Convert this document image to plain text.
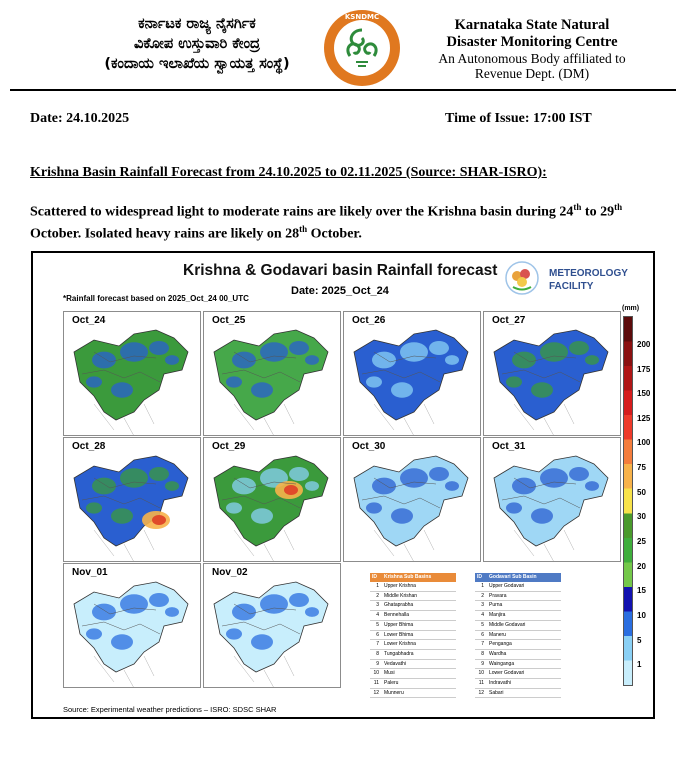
ಕರ್ನಾಟಕ ರಾಜ್ಯ ನೈಸರ್ಗಿಕ
ವಿಕೋಪ ಉಸ್ತುವಾರಿ ಕೇಂದ್ರ
(ಕಂದಾಯ ಇಲಾಖೆಯ ಸ್ವಾಯತ್ತ ಸಂಸ್ಥೆ)
KSNDMC	Karnataka State Natural
Disaster Monitoring Centre
An Autonomous Body affiliated to
Revenue Dept. (DM)
Date: 24.10.2025	Time of Issue: 17:00 IST
Krishna Basin Rainfall Forecast from 24.10.2025 to 02.11.2025 (Source: SHAR-ISRO):
Scattered to widespread light to moderate rains are likely over the Krishna basin during 24th to 29th October. Isolated heavy rains are likely on 28th October.
Krishna & Godavari basin Rainfall forecast
Date: 2025_Oct_24
*Rainfall forecast based on 2025_Oct_24 00_UTC
METEOROLOGY
FACILITY
Oct_24	Oct_25	Oct_26	Oct_27
Oct_28	Oct_29	Oct_30	Oct_31
Nov_01	Nov_02	ID	Krishna Sub Basins
1	Upper Krishna
2	Middle Krishan
3	Ghataprabha
4	Bennehalla
5	Upper Bhima
6	Lower Bhima
7	Lower Krishna
8	Tungabhadra
9	Vedavathi
10	Musi
11	Paleru
12	Munneru
ID	Godavari Sub Basin
1	Upper Godavari
2	Pravara
3	Purna
4	Manjira
5	Middle Godavari
6	Maneru
7	Penganga
8	Wardha
9	Wainganga
10	Lower Godavari
11	Indravathi
12	Sabari
(mm)
200
175
150
125
100
75
50
30
25
20
15
10
5
1
Source: Experimental weather predictions – ISRO: SDSC SHAR
